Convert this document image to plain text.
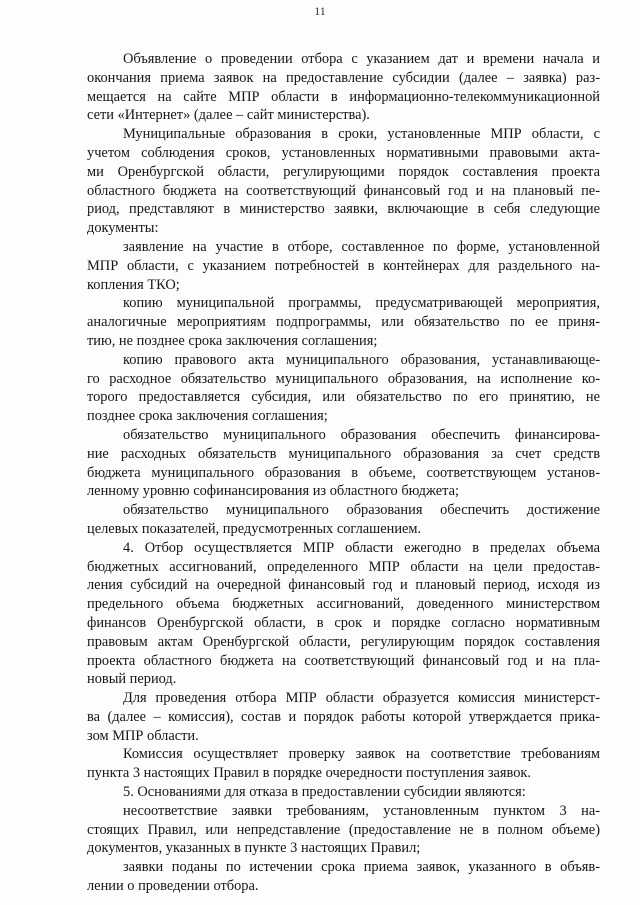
11
Объявление о проведении отбора с указанием дат и времени начала и
окончания приема заявок на предоставление субсидии (далее – заявка) раз-
мещается на сайте МПР области в информационно-телекоммуникационной
сети «Интернет» (далее – сайт министерства).
Муниципальные образования в сроки, установленные МПР области, с
учетом соблюдения сроков, установленных нормативными правовыми акта-
ми Оренбургской области, регулирующими порядок составления проекта
областного бюджета на соответствующий финансовый год и на плановый пе-
риод, представляют в министерство заявки, включающие в себя следующие
документы:
заявление на участие в отборе, составленное по форме, установленной
МПР области, с указанием потребностей в контейнерах для раздельного на-
копления ТКО;
копию муниципальной программы, предусматривающей мероприятия,
аналогичные мероприятиям подпрограммы, или обязательство по ее приня-
тию, не позднее срока заключения соглашения;
копию правового акта муниципального образования, устанавливающе-
го расходное обязательство муниципального образования, на исполнение ко-
торого предоставляется субсидия, или обязательство по его принятию, не
позднее срока заключения соглашения;
обязательство муниципального образования обеспечить финансирова-
ние расходных обязательств муниципального образования за счет средств
бюджета муниципального образования в объеме, соответствующем установ-
ленному уровню софинансирования из областного бюджета;
обязательство муниципального образования обеспечить достижение
целевых показателей, предусмотренных соглашением.
4. Отбор осуществляется МПР области ежегодно в пределах объема
бюджетных ассигнований, определенного МПР области на цели предостав-
ления субсидий на очередной финансовый год и плановый период, исходя из
предельного объема бюджетных ассигнований, доведенного министерством
финансов Оренбургской области, в срок и порядке согласно нормативным
правовым актам Оренбургской области, регулирующим порядок составления
проекта областного бюджета на соответствующий финансовый год и на пла-
новый период.
Для проведения отбора МПР области образуется комиссия министерст-
ва (далее – комиссия), состав и порядок работы которой утверждается прика-
зом МПР области.
Комиссия осуществляет проверку заявок на соответствие требованиям
пункта 3 настоящих Правил в порядке очередности поступления заявок.
5. Основаниями для отказа в предоставлении субсидии являются:
несоответствие заявки требованиям, установленным пунктом 3 на-
стоящих Правил, или непредставление (предоставление не в полном объеме)
документов, указанных в пункте 3 настоящих Правил;
заявки поданы по истечении срока приема заявок, указанного в объяв-
лении о проведении отбора.
